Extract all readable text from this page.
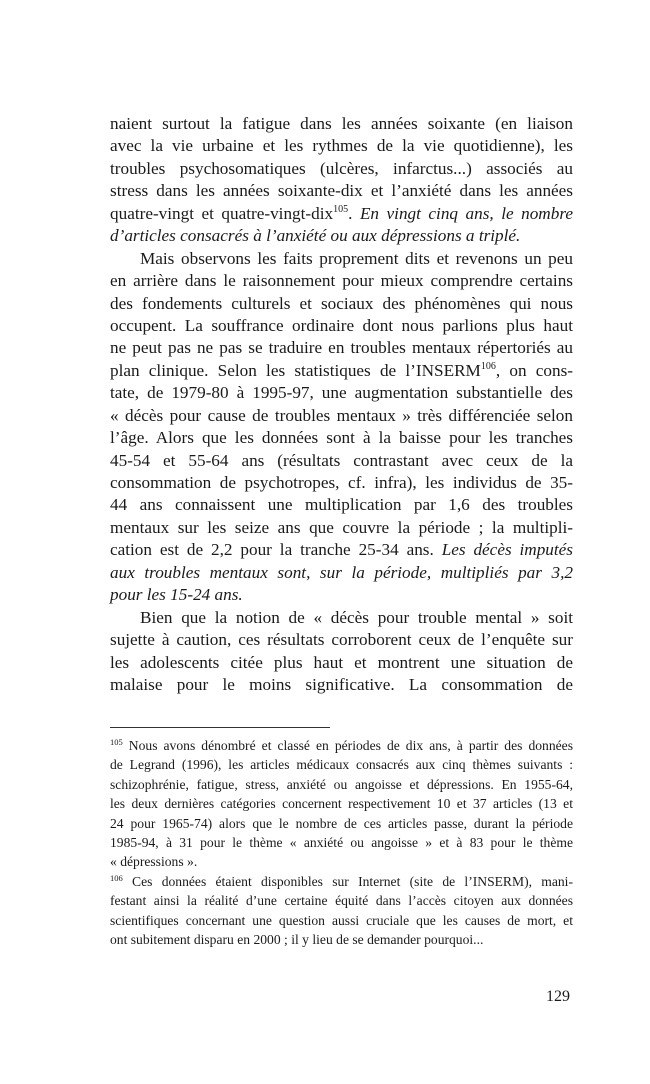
naient surtout la fatigue dans les années soixante (en liaison
avec la vie urbaine et les rythmes de la vie quotidienne), les
troubles psychosomatiques (ulcères, infarctus...) associés au
stress dans les années soixante-dix et l’anxiété dans les années
quatre-vingt et quatre-vingt-dix$^{105}$. En vingt cinq ans, le nombre
d’articles consacrés à l’anxiété ou aux dépressions a triplé.
Mais observons les faits proprement dits et revenons un peu
en arrière dans le raisonnement pour mieux comprendre certains
des fondements culturels et sociaux des phénomènes qui nous
occupent. La souffrance ordinaire dont nous parlions plus haut
ne peut pas ne pas se traduire en troubles mentaux répertoriés au
plan clinique. Selon les statistiques de l’INSERM$^{106}$, on cons-
tate, de 1979-80 à 1995-97, une augmentation substantielle des
« décès pour cause de troubles mentaux » très différenciée selon
l’âge. Alors que les données sont à la baisse pour les tranches
45-54 et 55-64 ans (résultats contrastant avec ceux de la
consommation de psychotropes, cf. infra), les individus de 35-
44 ans connaissent une multiplication par 1,6 des troubles
mentaux sur les seize ans que couvre la période ; la multipli-
cation est de 2,2 pour la tranche 25-34 ans. Les décès imputés
aux troubles mentaux sont, sur la période, multipliés par 3,2
pour les 15-24 ans.
Bien que la notion de « décès pour trouble mental » soit
sujette à caution, ces résultats corroborent ceux de l’enquête sur
les adolescents citée plus haut et montrent une situation de
malaise pour le moins significative. La consommation de
$^{105}$ Nous avons dénombré et classé en périodes de dix ans, à partir des données
de Legrand (1996), les articles médicaux consacrés aux cinq thèmes suivants :
schizophrénie, fatigue, stress, anxiété ou angoisse et dépressions. En 1955-64,
les deux dernières catégories concernent respectivement 10 et 37 articles (13 et
24 pour 1965-74) alors que le nombre de ces articles passe, durant la période
1985-94, à 31 pour le thème « anxiété ou angoisse » et à 83 pour le thème
« dépressions ».
$^{106}$ Ces données étaient disponibles sur Internet (site de l’INSERM), mani-
festant ainsi la réalité d’une certaine équité dans l’accès citoyen aux données
scientifiques concernant une question aussi cruciale que les causes de mort, et
ont subitement disparu en 2000 ; il y lieu de se demander pourquoi...
129
